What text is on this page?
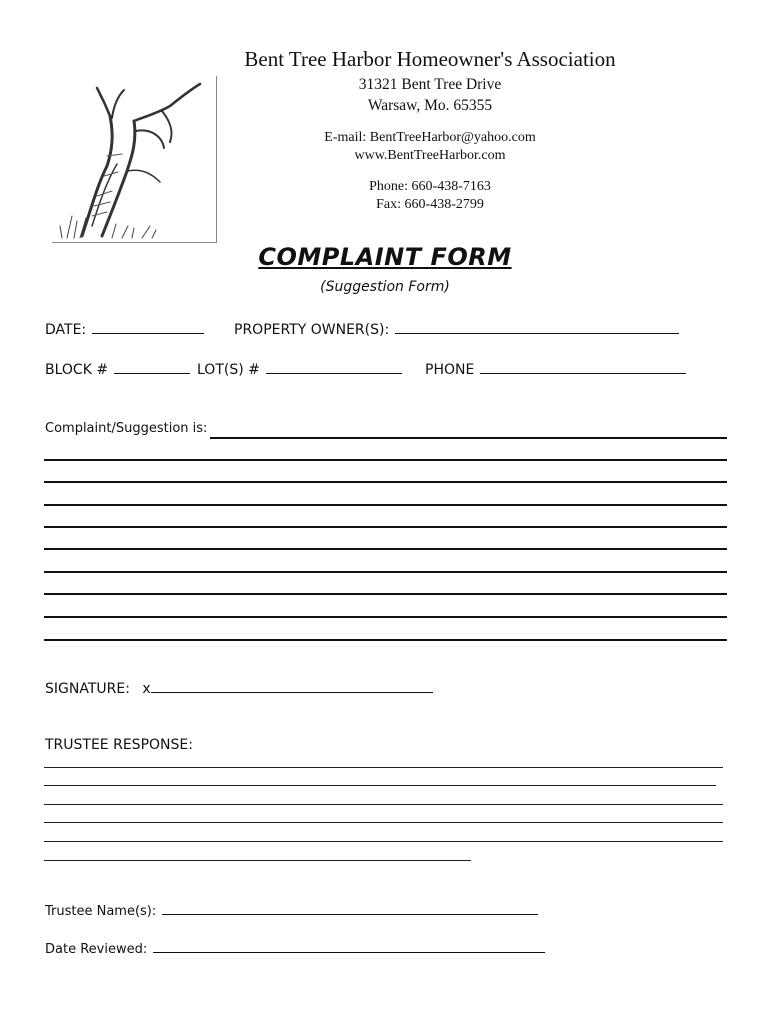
Bent Tree Harbor Homeowner's Association
31321 Bent Tree Drive
Warsaw, Mo. 65355
E-mail: BentTreeHarbor@yahoo.com
www.BentTreeHarbor.com
Phone: 660-438-7163
Fax: 660-438-2799
COMPLAINT FORM
(Suggestion Form)
DATE:	PROPERTY OWNER(S):
BLOCK #	LOT(S) #	PHONE
Complaint/Suggestion is:
SIGNATURE: x
TRUSTEE RESPONSE:
Trustee Name(s):
Date Reviewed:
